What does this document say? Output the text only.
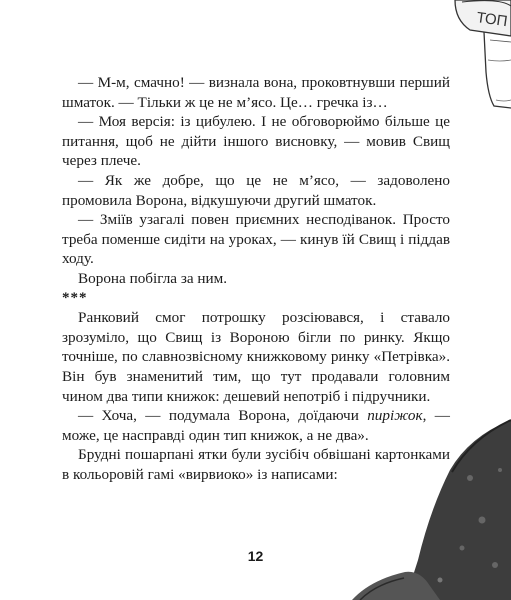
ТОП

— М-м, смачно! — визнала вона, проковтнувши перший шматок. — Тільки ж це не м’ясо. Це… гречка із…

— Моя версія: із цибулею. І не обговорюймо більше це питання, щоб не дійти іншого висновку, — мовив Свищ через плече.

— Як же добре, що це не м’ясо, — задоволено промовила Ворона, відкушуючи другий шматок.

— Зміїв узагалі повен приємних несподіванок. Просто треба поменше сидіти на уроках, — кинув їй Свищ і піддав ходу.

Ворона побігла за ним.

***

Ранковий смог потрошку розсіювався, і ставало зрозуміло, що Свищ із Вороною бігли по ринку. Якщо точніше, по славнозвісному книжковому ринку «Петрівка». Він був знаменитий тим, що тут продавали головним чином два типи книжок: дешевий непотріб і підручники.

— Хоча, — подумала Ворона, доїдаючи пиріжок, — може, це насправді один тип книжок, а не два».

Брудні пошарпані ятки були зусібіч обвішані картонками в кольоровій гамі «вирвиоко» із написами:

12
